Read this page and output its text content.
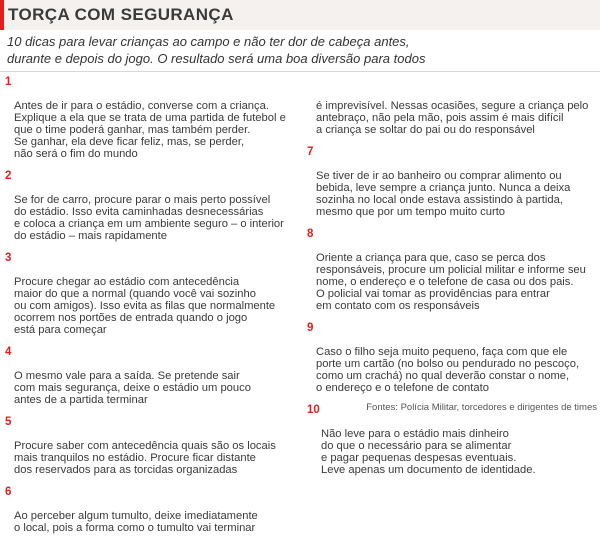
TORÇA COM SEGURANÇA
10 dicas para levar crianças ao campo e não ter dor de cabeça antes,
durante e depois do jogo. O resultado será uma boa diversão para todos

1

Antes de ir para o estádio, converse com a criança.
Explique a ela que se trata de uma partida de futebol e
que o time poderá ganhar, mas também perder.
Se ganhar, ela deve ficar feliz, mas, se perder,
não será o fim do mundo

2

Se for de carro, procure parar o mais perto possível
do estádio. Isso evita caminhadas desnecessárias
e coloca a criança em um ambiente seguro – o interior
do estádio – mais rapidamente

3

Procure chegar ao estádio com antecedência
maior do que a normal (quando você vai sozinho
ou com amigos). Isso evita as filas que normalmente
ocorrem nos portões de entrada quando o jogo
está para começar

4

O mesmo vale para a saída. Se pretende sair
com mais segurança, deixe o estádio um pouco
antes de a partida terminar

5

Procure saber com antecedência quais são os locais
mais tranquilos no estádio. Procure ficar distante
dos reservados para as torcidas organizadas

6

Ao perceber algum tumulto, deixe imediatamente
o local, pois a forma como o tumulto vai terminar

é imprevisível. Nessas ocasiões, segure a criança pelo
antebraço, não pela mão, pois assim é mais difícil
a criança se soltar do pai ou do responsável

7

Se tiver de ir ao banheiro ou comprar alimento ou
bebida, leve sempre a criança junto. Nunca a deixa
sozinha no local onde estava assistindo à partida,
mesmo que por um tempo muito curto

8

Oriente a criança para que, caso se perca dos
responsáveis, procure um policial militar e informe seu
nome, o endereço e o telefone de casa ou dos pais.
O policial vai tomar as providências para entrar
em contato com os responsáveis

9

Caso o filho seja muito pequeno, faça com que ele
porte um cartão (no bolso ou pendurado no pescoço,
como um crachá) no qual deverão constar o nome,
o endereço e o telefone de contato

10

Não leve para o estádio mais dinheiro
do que o necessário para se alimentar
e pagar pequenas despesas eventuais.
Leve apenas um documento de identidade.

Fontes: Polícia Militar, torcedores e dirigentes de times
